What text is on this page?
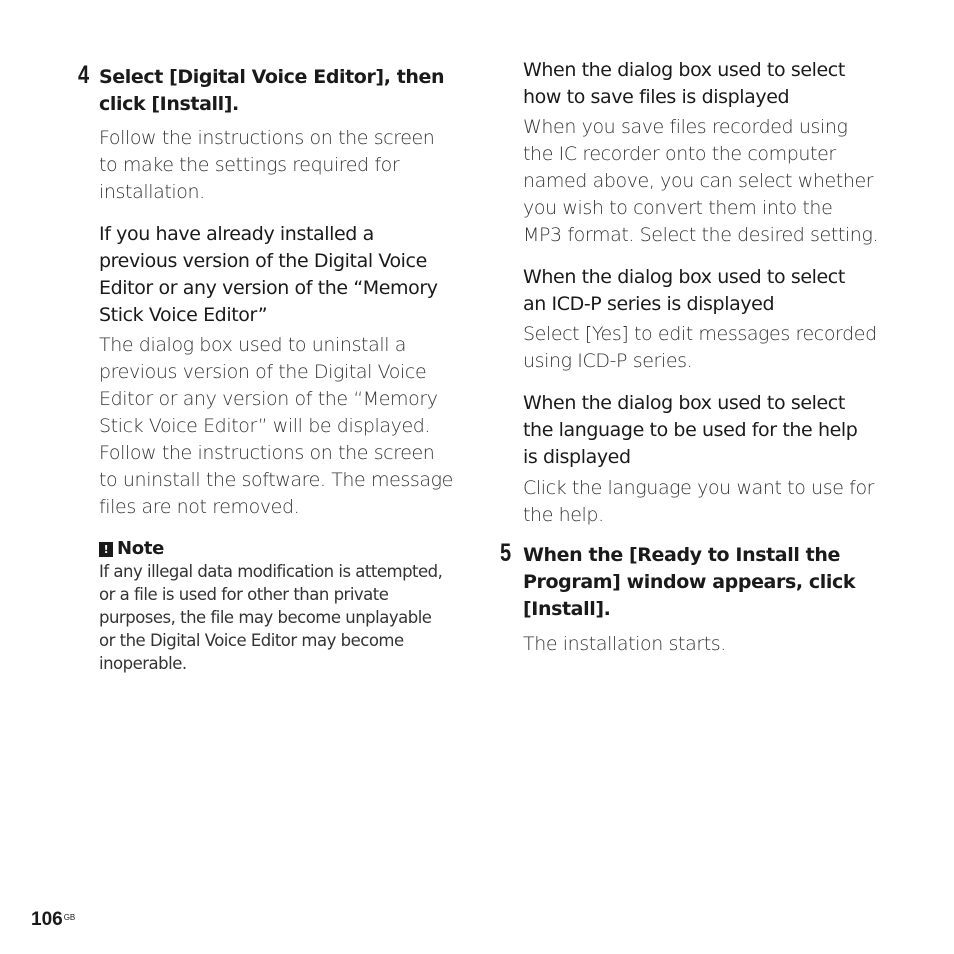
4 Select [Digital Voice Editor], then
click [Install].
Follow the instructions on the screen
to make the settings required for
installation.
If you have already installed a
previous version of the Digital Voice
Editor or any version of the “Memory
Stick Voice Editor”
The dialog box used to uninstall a
previous version of the Digital Voice
Editor or any version of the “Memory
Stick Voice Editor” will be displayed.
Follow the instructions on the screen
to uninstall the software. The message
files are not removed.
! Note
If any illegal data modification is attempted,
or a file is used for other than private
purposes, the file may become unplayable
or the Digital Voice Editor may become
inoperable.
When the dialog box used to select
how to save files is displayed
When you save files recorded using
the IC recorder onto the computer
named above, you can select whether
you wish to convert them into the
MP3 format. Select the desired setting.
When the dialog box used to select
an ICD-P series is displayed
Select [Yes] to edit messages recorded
using ICD-P series.
When the dialog box used to select
the language to be used for the help
is displayed
Click the language you want to use for
the help.
5 When the [Ready to Install the
Program] window appears, click
[Install].
The installation starts.
$106^{GB}$
